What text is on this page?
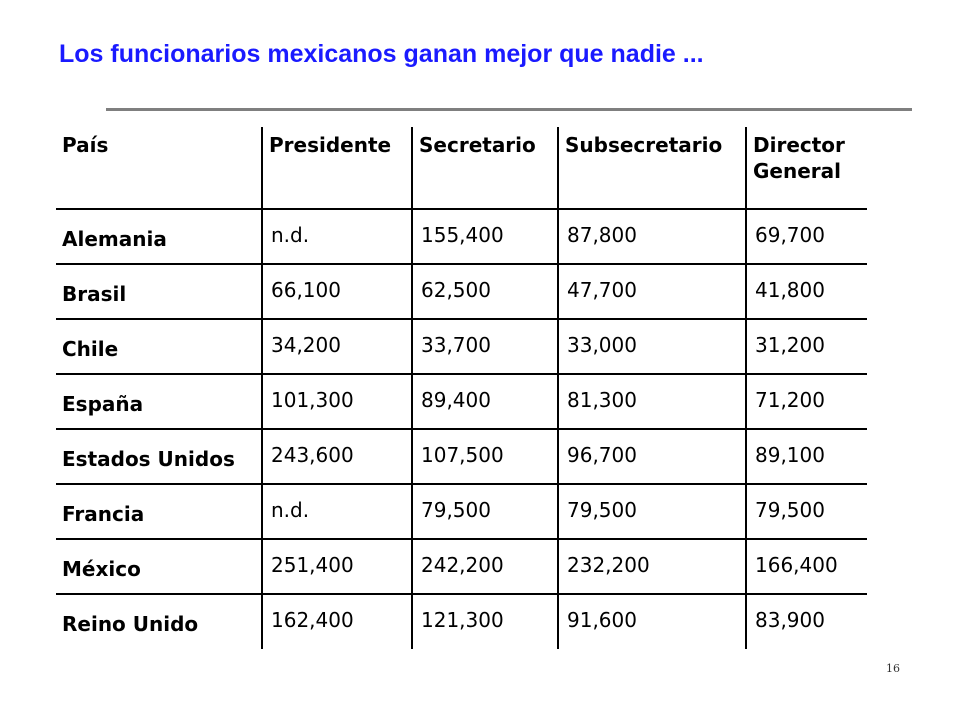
Los funcionarios mexicanos ganan mejor que nadie ...
País	Presidente	Secretario	Subsecretario	Director
General

Alemania	n.d.	155,400	87,800	69,700
Brasil	66,100	62,500	47,700	41,800
Chile	34,200	33,700	33,000	31,200
España	101,300	89,400	81,300	71,200
Estados Unidos	243,600	107,500	96,700	89,100
Francia	n.d.	79,500	79,500	79,500
México	251,400	242,200	232,200	166,400
Reino Unido	162,400	121,300	91,600	83,900
16
